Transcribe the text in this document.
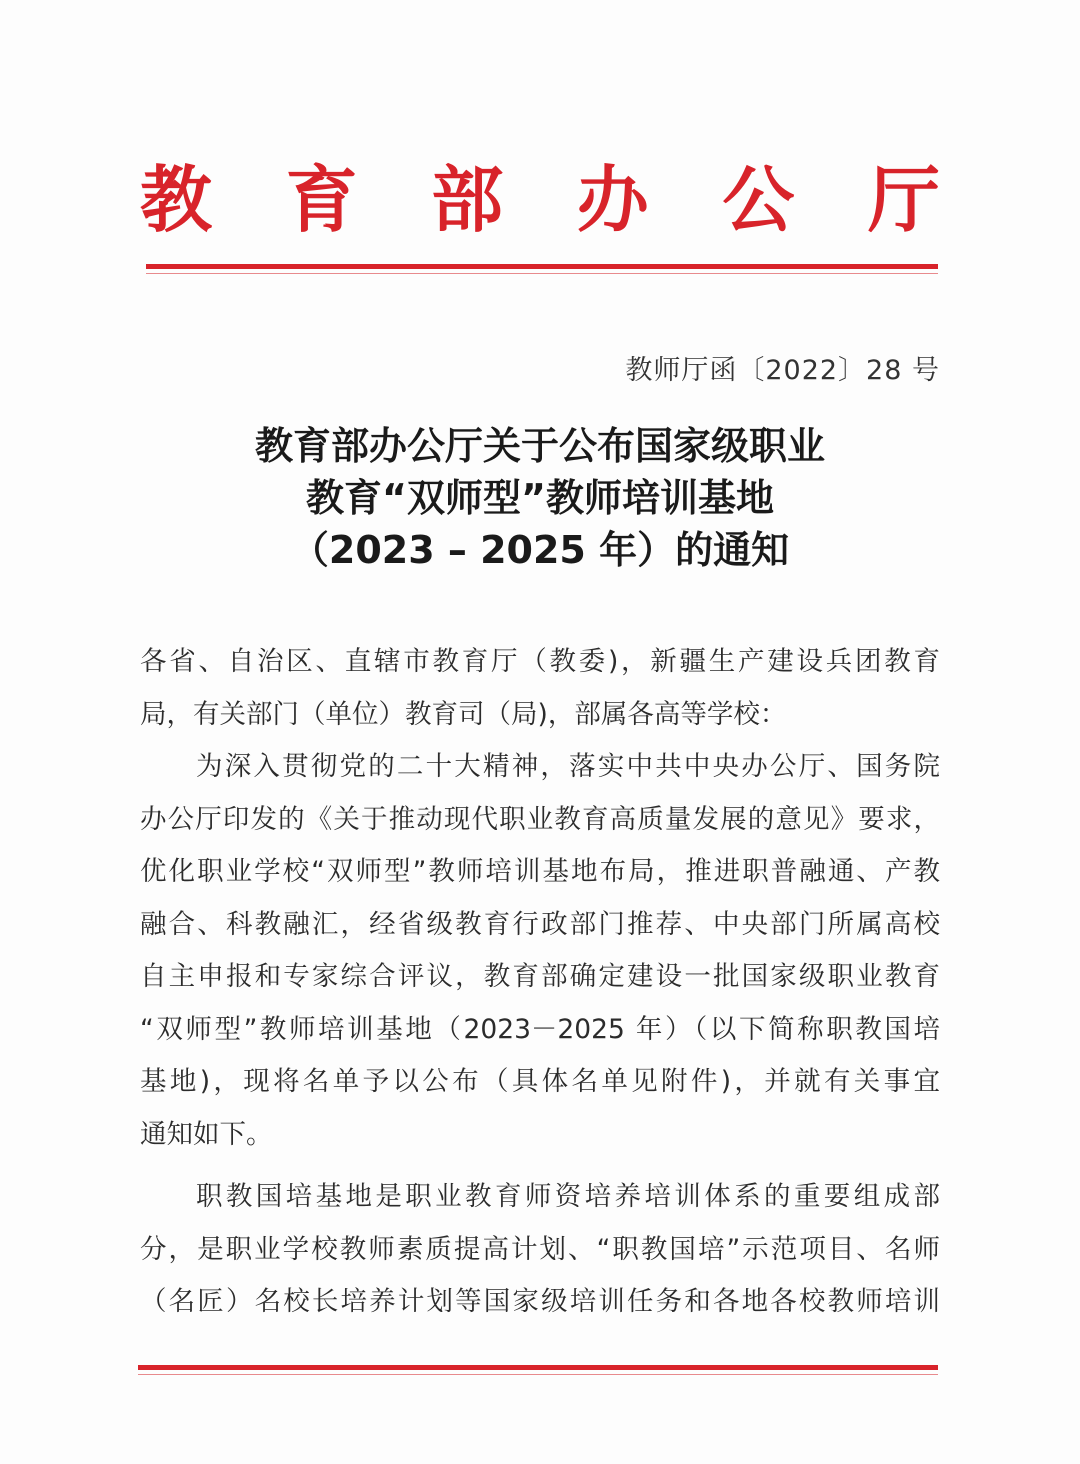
教 育 部 办 公 厅
教师厅函〔2022〕28 号
教育部办公厅关于公布国家级职业
教育“双师型”教师培训基地
（2023 – 2025 年）的通知

各省、自治区、直辖市教育厅（教委)，新疆生产建设兵团教育
局，有关部门（单位）教育司（局)，部属各高等学校：

为深入贯彻党的二十大精神，落实中共中央办公厅、国务院
办公厅印发的《关于推动现代职业教育高质量发展的意见》要求，
优化职业学校“双师型”教师培训基地布局，推进职普融通、产教
融合、科教融汇，经省级教育行政部门推荐、中央部门所属高校
自主申报和专家综合评议，教育部确定建设一批国家级职业教育
“双师型”教师培训基地（2023－2025 年）（以下简称职教国培
基地)，现将名单予以公布（具体名单见附件)，并就有关事宜
通知如下。

职教国培基地是职业教育师资培养培训体系的重要组成部
分，是职业学校教师素质提高计划、“职教国培”示范项目、名师
（名匠）名校长培养计划等国家级培训任务和各地各校教师培训
